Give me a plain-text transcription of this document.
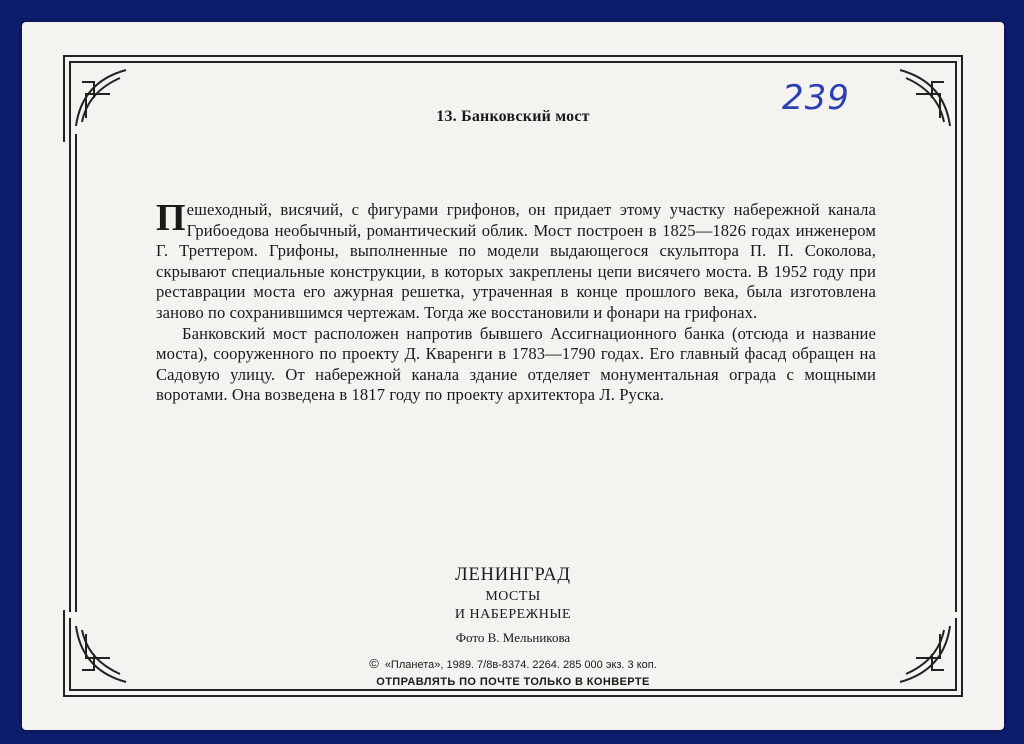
239

13. Банковский мост

Пешеходный, висячий, с фигурами грифонов, он придает этому участку набережной канала Грибоедова необычный, романтический облик. Мост построен в 1825—1826 годах инженером Г. Треттером. Грифоны, выполненные по модели выдающегося скульптора П. П. Соколова, скрывают специальные конструкции, в которых закреплены цепи висячего моста. В 1952 году при реставрации моста его ажурная решетка, утраченная в конце прошлого века, была изготовлена заново по сохранившимся чертежам. Тогда же восстановили и фонари на грифонах.

Банковский мост расположен напротив бывшего Ассигнационного банка (отсюда и название моста), сооруженного по проекту Д. Кваренги в 1783—1790 годах. Его главный фасад обращен на Садовую улицу. От набережной канала здание отделяет монументальная ограда с мощными воротами. Она возведена в 1817 году по проекту архитектора Л. Руска.

ЛЕНИНГРАД

МОСТЫ

И НАБЕРЕЖНЫЕ

Фото В. Мельникова

© «Планета», 1989. 7/8в-8374. 2264. 285 000 экз. 3 коп.

ОТПРАВЛЯТЬ ПО ПОЧТЕ ТОЛЬКО В КОНВЕРТЕ
